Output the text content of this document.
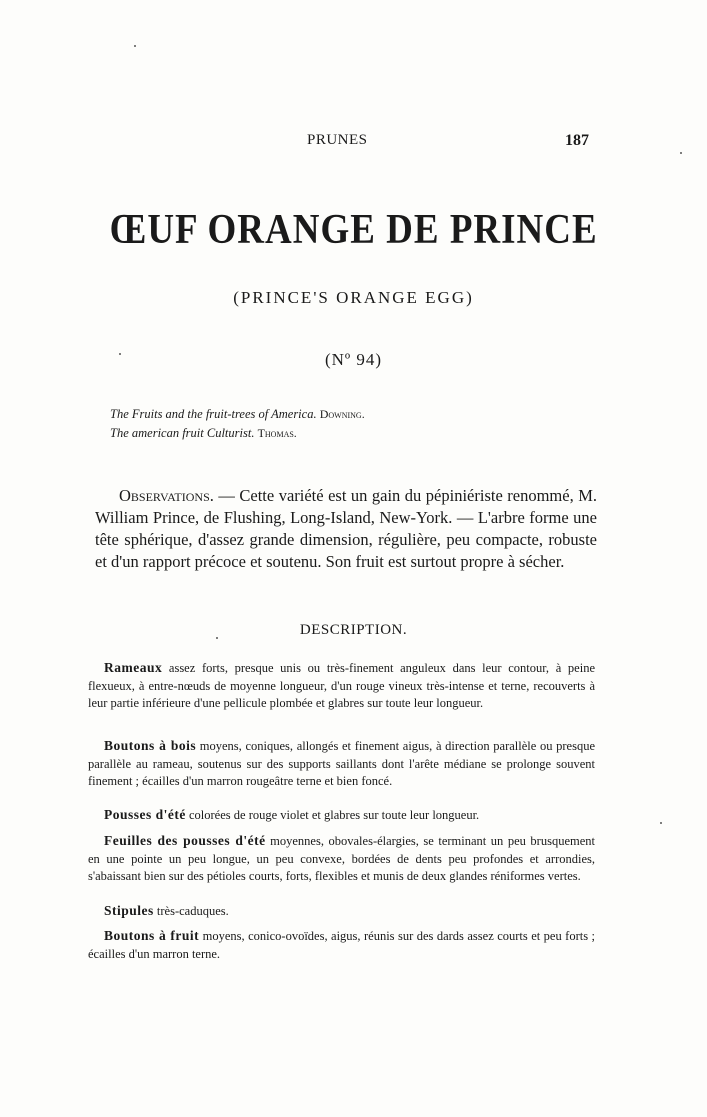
PRUNES	187
ŒUF ORANGE DE PRINCE
(PRINCE'S ORANGE EGG)
(Nº 94)
The Fruits and the fruit-trees of America. Downing.
The american fruit Culturist. Thomas.
Observations. — Cette variété est un gain du pépiniériste renommé, M. William Prince, de Flushing, Long-Island, New-York. — L'arbre forme une tête sphérique, d'assez grande dimension, régulière, peu compacte, robuste et d'un rapport précoce et soutenu. Son fruit est surtout propre à sécher.
DESCRIPTION.
Rameaux assez forts, presque unis ou très-finement anguleux dans leur contour, à peine flexueux, à entre-nœuds de moyenne longueur, d'un rouge vineux très-intense et terne, recouverts à leur partie inférieure d'une pellicule plombée et glabres sur toute leur longueur.
Boutons à bois moyens, coniques, allongés et finement aigus, à direction parallèle ou presque parallèle au rameau, soutenus sur des supports saillants dont l'arête médiane se prolonge souvent finement ; écailles d'un marron rougeâtre terne et bien foncé.
Pousses d'été colorées de rouge violet et glabres sur toute leur longueur.
Feuilles des pousses d'été moyennes, obovales-élargies, se terminant un peu brusquement en une pointe un peu longue, un peu convexe, bordées de dents peu profondes et arrondies, s'abaissant bien sur des pétioles courts, forts, flexibles et munis de deux glandes réniformes vertes.
Stipules très-caduques.
Boutons à fruit moyens, conico-ovoïdes, aigus, réunis sur des dards assez courts et peu forts ; écailles d'un marron terne.
